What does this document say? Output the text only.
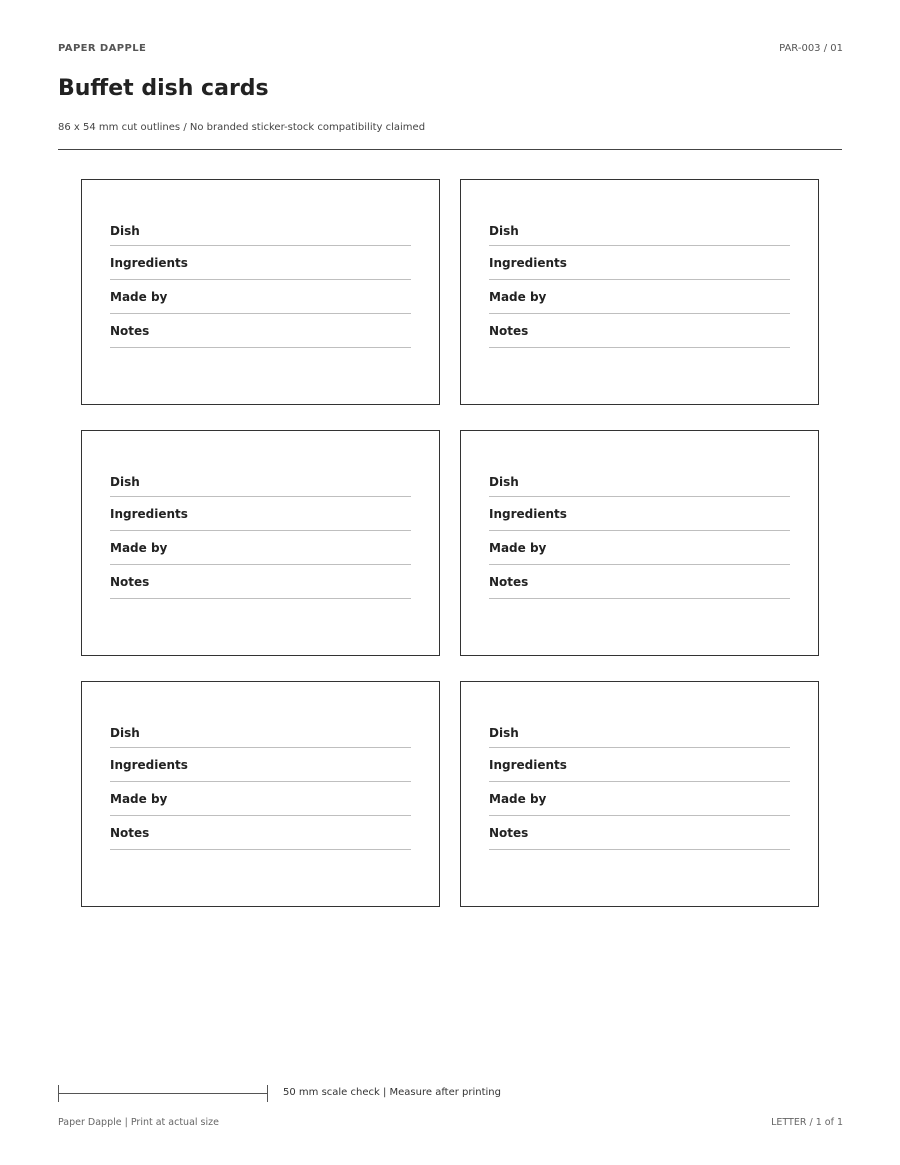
PAPER DAPPLE	PAR-003 / 01
Buffet dish cards
86 x 54 mm cut outlines / No branded sticker-stock compatibility claimed
Dish
Ingredients
Made by
Notes
Dish
Ingredients
Made by
Notes
Dish
Ingredients
Made by
Notes
Dish
Ingredients
Made by
Notes
Dish
Ingredients
Made by
Notes
Dish
Ingredients
Made by
Notes
50 mm scale check | Measure after printing
Paper Dapple | Print at actual size	LETTER / 1 of 1
